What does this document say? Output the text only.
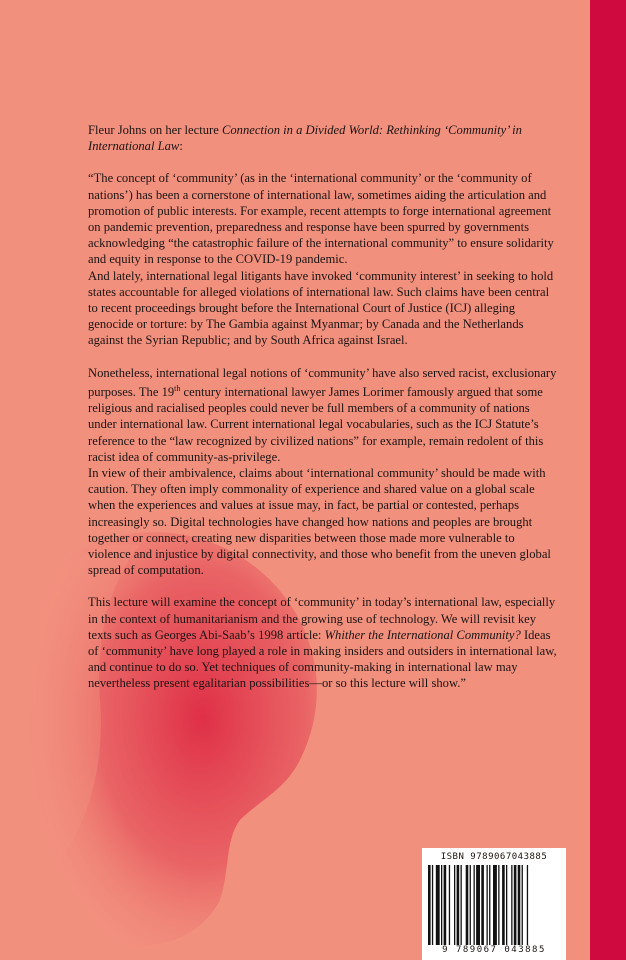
Fleur Johns on her lecture Connection in a Divided World: Rethinking ‘Community’ in International Law:

“The concept of ‘community’ (as in the ‘international community’ or the ‘community of nations’) has been a cornerstone of international law, sometimes aiding the articulation and promotion of public interests. For example, recent attempts to forge international agreement on pandemic prevention, preparedness and response have been spurred by governments acknowledging “the catastrophic failure of the international community” to ensure solidarity and equity in response to the COVID-19 pandemic.

And lately, international legal litigants have invoked ‘community interest’ in seeking to hold states accountable for alleged violations of international law. Such claims have been central to recent proceedings brought before the International Court of Justice (ICJ) alleging genocide or torture: by The Gambia against Myanmar; by Canada and the Netherlands against the Syrian Republic; and by South Africa against Israel.

Nonetheless, international legal notions of ‘community’ have also served racist, exclusionary purposes. The 19th century international lawyer James Lorimer famously argued that some religious and racialised peoples could never be full members of a community of nations under international law. Current international legal vocabularies, such as the ICJ Statute’s reference to the “law recognized by civilized nations” for example, remain redolent of this racist idea of community-as-privilege.

In view of their ambivalence, claims about ‘international community’ should be made with caution. They often imply commonality of experience and shared value on a global scale when the experiences and values at issue may, in fact, be partial or contested, perhaps increasingly so. Digital technologies have changed how nations and peoples are brought together or connect, creating new disparities between those made more vulnerable to violence and injustice by digital connectivity, and those who benefit from the uneven global spread of computation.

This lecture will examine the concept of ‘community’ in today’s international law, especially in the context of humanitarianism and the growing use of technology. We will revisit key texts such as Georges Abi-Saab’s 1998 article: Whither the International Community? Ideas of ‘community’ have long played a role in making insiders and outsiders in international law, and continue to do so. Yet techniques of community-making in international law may nevertheless present egalitarian possibilities—or so this lecture will show.”

ISBN 9789067043885
9 789067 043885
